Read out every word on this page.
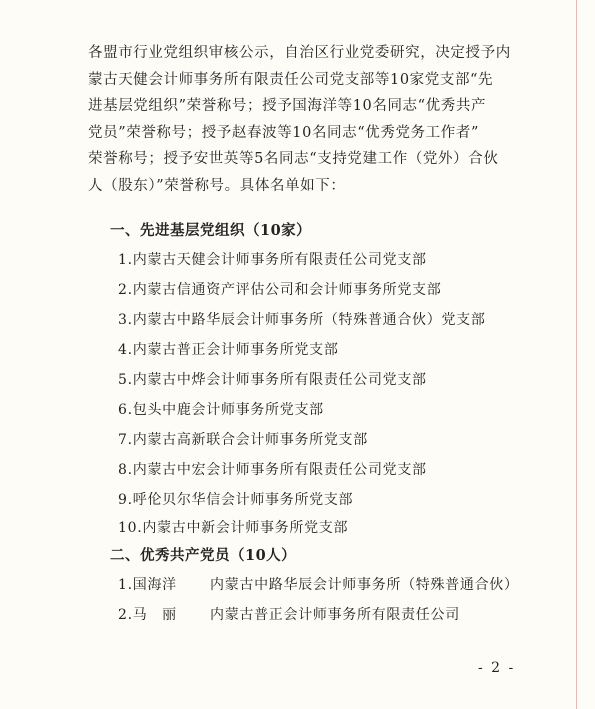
各盟市行业党组织审核公示，自治区行业党委研究，决定授予内
蒙古天健会计师事务所有限责任公司党支部等10家党支部“先
进基层党组织”荣誉称号；授予国海洋等10名同志“优秀共产
党员”荣誉称号；授予赵春波等10名同志“优秀党务工作者”
荣誉称号；授予安世英等5名同志“支持党建工作（党外）合伙
人（股东）”荣誉称号。具体名单如下：

一、先进基层党组织（10家）
1.内蒙古天健会计师事务所有限责任公司党支部
2.内蒙古信通资产评估公司和会计师事务所党支部
3.内蒙古中路华辰会计师事务所（特殊普通合伙）党支部
4.内蒙古普正会计师事务所党支部
5.内蒙古中烨会计师事务所有限责任公司党支部
6.包头中鹿会计师事务所党支部
7.内蒙古高新联合会计师事务所党支部
8.内蒙古中宏会计师事务所有限责任公司党支部
9.呼伦贝尔华信会计师事务所党支部
10.内蒙古中新会计师事务所党支部
二、优秀共产党员（10人）
1.国海洋 内蒙古中路华辰会计师事务所（特殊普通合伙）
2.马　丽 内蒙古普正会计师事务所有限责任公司
- 2 -
